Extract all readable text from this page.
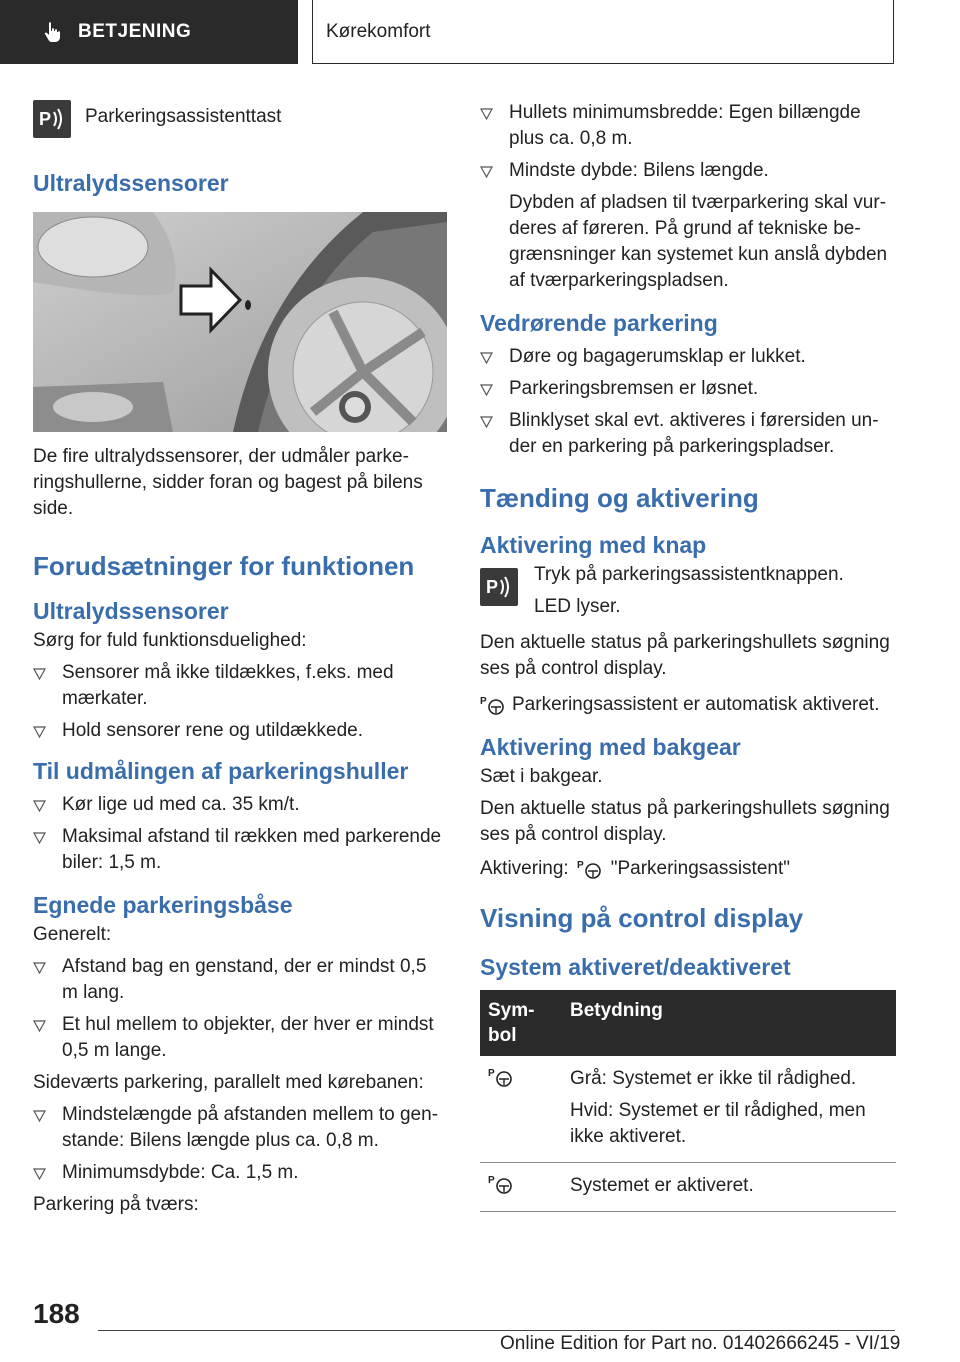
BETJENING	Kørekomfort
P Parkeringsassistenttast

Ultralydssensorer

De fire ultralydssensorer, der udmåler parkeringshullerne, sidder foran og bagest på bilens side.

Forudsætninger for funktionen
Ultralydssensorer

Sørg for fuld funktionsduelighed:

Sensorer må ikke tildækkes, f.eks. med mærkater.
Hold sensorer rene og utildækkede.
Til udmålingen af parkeringshuller
Kør lige ud med ca. 35 km/t.
Maksimal afstand til rækken med parkerende biler: 1,5 m.
Egnede parkeringsbåse

Generelt:

Afstand bag en genstand, der er mindst 0,5 m lang.
Et hul mellem to objekter, der hver er mindst 0,5 m lange.

Sideværts parkering, parallelt med kørebanen:

Mindstelængde på afstanden mellem to genstande: Bilens længde plus ca. 0,8 m.
Minimumsdybde: Ca. 1,5 m.

Parkering på tværs:

Hullets minimumsbredde: Egen billængde plus ca. 0,8 m.
Mindste dybde: Bilens længde.

Dybden af pladsen til tværparkering skal vurderes af føreren. På grund af tekniske begrænsninger kan systemet kun anslå dybden af tværparkeringspladsen.

Vedrørende parkering
Døre og bagagerumsklap er lukket.
Parkeringsbremsen er løsnet.
Blinklyset skal evt. aktiveres i førersiden under en parkering på parkeringspladser.
Tænding og aktivering
Aktivering med knap
P

Tryk på parkeringsassistentknappen.

LED lyser.

Den aktuelle status på parkeringshullets søgning ses på control display.

P Parkeringsassistent er automatisk aktiveret.

Aktivering med bakgear

Sæt i bakgear.

Den aktuelle status på parkeringshullets søgning ses på control display.

Aktivering: P "Parkeringsassistent"

Visning på control display
System aktiveret/deaktiveret
Symbol	Betydning

P	Grå: Systemet er ikke til rådighed.

Hvid: Systemet er til rådighed, men ikke aktiveret.

P	Systemet er aktiveret.

188
Online Edition for Part no. 01402666245 - VI/19
